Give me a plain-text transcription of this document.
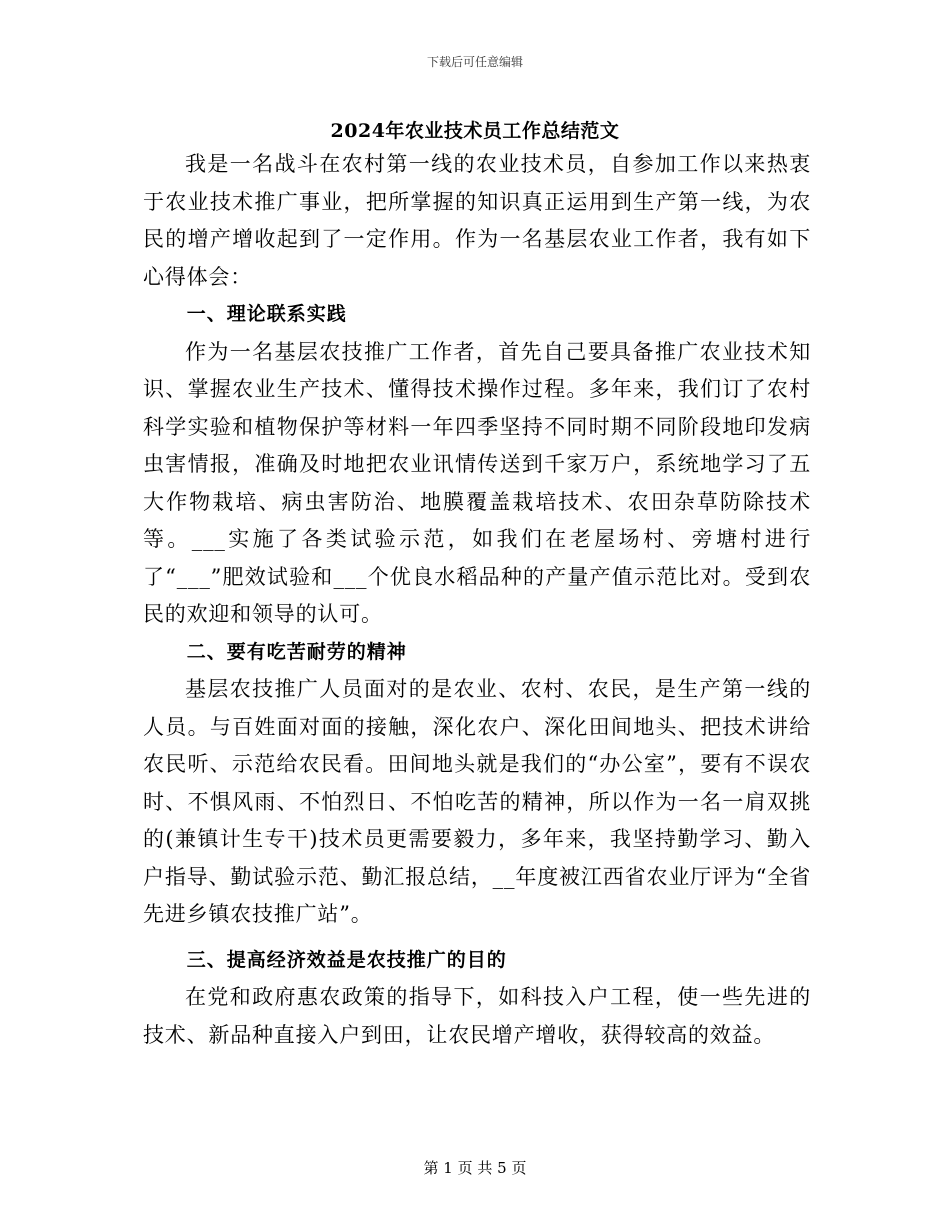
下载后可任意编辑
2024年农业技术员工作总结范文

我是一名战斗在农村第一线的农业技术员，自参加工作以来热衷于农业技术推广事业，把所掌握的知识真正运用到生产第一线，为农民的增产增收起到了一定作用。作为一名基层农业工作者，我有如下心得体会：

一、理论联系实践

作为一名基层农技推广工作者，首先自己要具备推广农业技术知识、掌握农业生产技术、懂得技术操作过程。多年来，我们订了农村科学实验和植物保护等材料一年四季坚持不同时期不同阶段地印发病虫害情报，准确及时地把农业讯情传送到千家万户，系统地学习了五大作物栽培、病虫害防治、地膜覆盖栽培技术、农田杂草防除技术等。___实施了各类试验示范，如我们在老屋场村、旁塘村进行了“___”肥效试验和___个优良水稻品种的产量产值示范比对。受到农民的欢迎和领导的认可。

二、要有吃苦耐劳的精神

基层农技推广人员面对的是农业、农村、农民，是生产第一线的人员。与百姓面对面的接触，深化农户、深化田间地头、把技术讲给农民听、示范给农民看。田间地头就是我们的“办公室”，要有不误农时、不惧风雨、不怕烈日、不怕吃苦的精神，所以作为一名一肩双挑的(兼镇计生专干)技术员更需要毅力，多年来，我坚持勤学习、勤入户指导、勤试验示范、勤汇报总结，__年度被江西省农业厅评为“全省先进乡镇农技推广站”。

三、提高经济效益是农技推广的目的

在党和政府惠农政策的指导下，如科技入户工程，使一些先进的技术、新品种直接入户到田，让农民增产增收，获得较高的效益。

第 1 页 共 5 页
